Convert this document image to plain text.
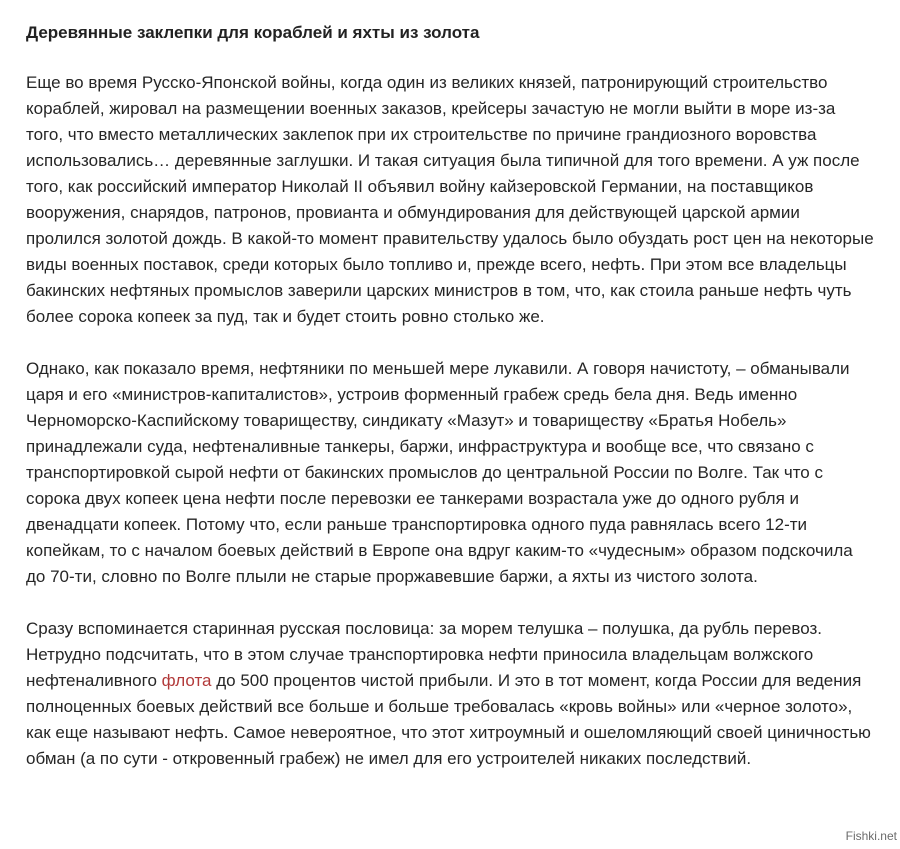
Деревянные заклепки для кораблей и яхты из золота

Еще во время Русско-Японской войны, когда один из великих князей, патронирующий строительство кораблей, жировал на размещении военных заказов, крейсеры зачастую не могли выйти в море из-за того, что вместо металлических заклепок при их строительстве по причине грандиозного воровства использовались… деревянные заглушки. И такая ситуация была типичной для того времени. А уж после того, как российский император Николай II объявил войну кайзеровской Германии, на поставщиков вооружения, снарядов, патронов, провианта и обмундирования для действующей царской армии пролился золотой дождь. В какой-то момент правительству удалось было обуздать рост цен на некоторые виды военных поставок, среди которых было топливо и, прежде всего, нефть. При этом все владельцы бакинских нефтяных промыслов заверили царских министров в том, что, как стоила раньше нефть чуть более сорока копеек за пуд, так и будет стоить ровно столько же.

Однако, как показало время, нефтяники по меньшей мере лукавили. А говоря начистоту, – обманывали царя и его «министров-капиталистов», устроив форменный грабеж средь бела дня. Ведь именно Черноморско-Каспийскому товариществу, синдикату «Мазут» и товариществу «Братья Нобель» принадлежали суда, нефтеналивные танкеры, баржи, инфраструктура и вообще все, что связано с транспортировкой сырой нефти от бакинских промыслов до центральной России по Волге. Так что с сорока двух копеек цена нефти после перевозки ее танкерами возрастала уже до одного рубля и двенадцати копеек. Потому что, если раньше транспортировка одного пуда равнялась всего 12-ти копейкам, то с началом боевых действий в Европе она вдруг каким-то «чудесным» образом подскочила до 70-ти, словно по Волге плыли не старые проржавевшие баржи, а яхты из чистого золота.

Сразу вспоминается старинная русская пословица: за морем телушка – полушка, да рубль перевоз. Нетрудно подсчитать, что в этом случае транспортировка нефти приносила владельцам волжского нефтеналивного флота до 500 процентов чистой прибыли. И это в тот момент, когда России для ведения полноценных боевых действий все больше и больше требовалась «кровь войны» или «черное золото», как еще называют нефть. Самое невероятное, что этот хитроумный и ошеломляющий своей циничностью обман (а по сути - откровенный грабеж) не имел для его устроителей никаких последствий.

Fishki.net
